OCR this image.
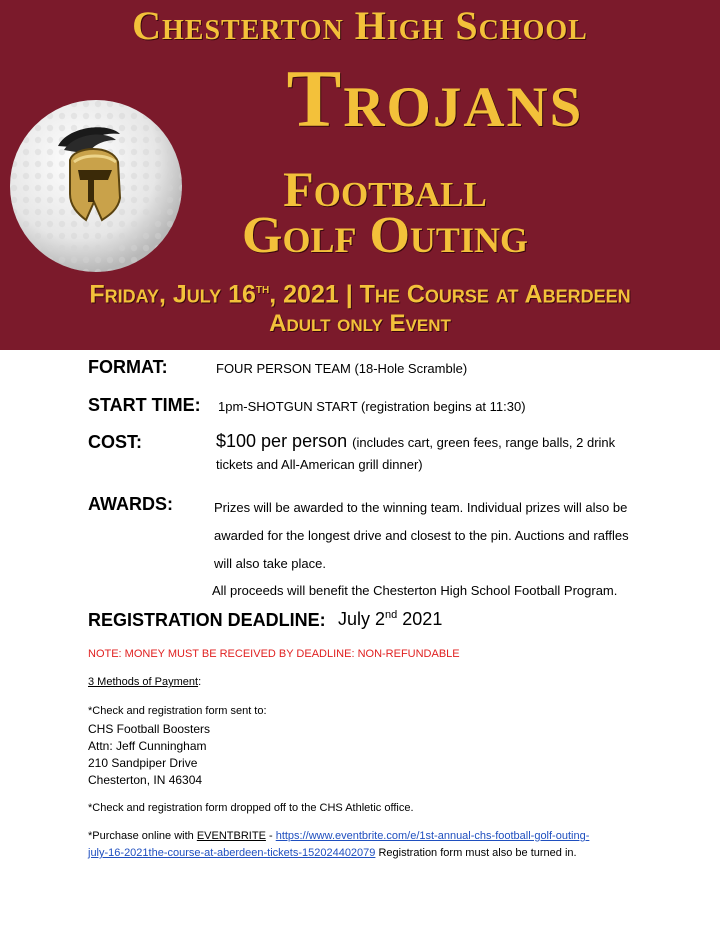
Chesterton High School
Trojans
Football
Golf Outing
Friday, July 16th, 2021 | The Course at Aberdeen
Adult only Event
FORMAT:	FOUR PERSON TEAM (18-Hole Scramble)
START TIME: 1pm-SHOTGUN START (registration begins at 11:30)
COST:	$100 per person (includes cart, green fees, range balls, 2 drink
tickets and All-American grill dinner)
AWARDS:	Prizes will be awarded to the winning team. Individual prizes will also be
awarded for the longest drive and closest to the pin. Auctions and raffles
will also take place.
All proceeds will benefit the Chesterton High School Football Program.
REGISTRATION DEADLINE: July 2nd 2021
NOTE: MONEY MUST BE RECEIVED BY DEADLINE: NON-REFUNDABLE
3 Methods of Payment:
*Check and registration form sent to:
CHS Football Boosters
Attn: Jeff Cunningham
210 Sandpiper Drive
Chesterton, IN 46304
*Check and registration form dropped off to the CHS Athletic office.
*Purchase online with EVENTBRITE - https://www.eventbrite.com/e/1st-annual-chs-football-golf-outing-
july-16-2021the-course-at-aberdeen-tickets-152024402079 Registration form must also be turned in.
